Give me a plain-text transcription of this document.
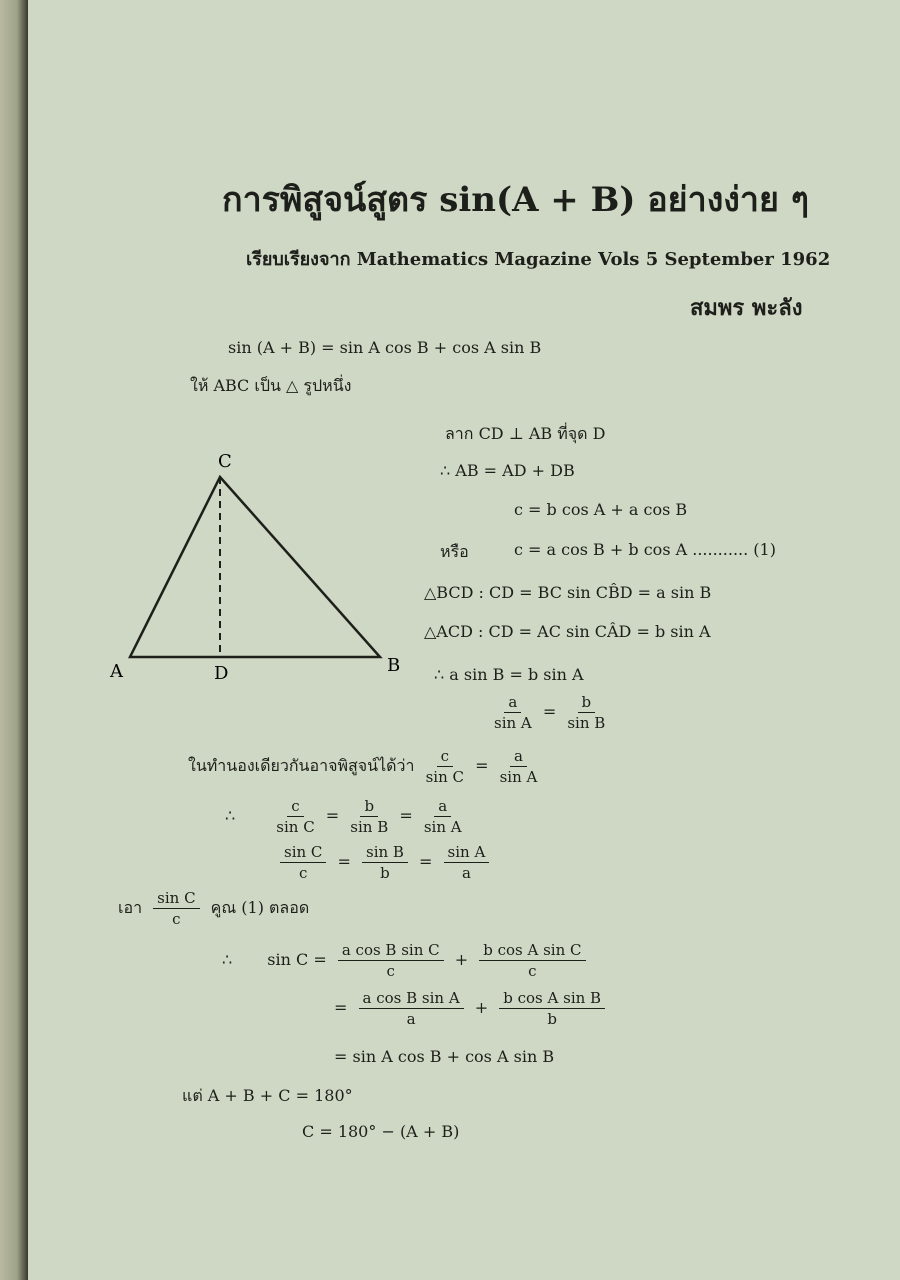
การพิสูจน์สูตร sin(A + B) อย่างง่าย ๆ
เรียบเรียงจาก Mathematics Magazine Vols 5 September 1962
สมพร พะลัง
sin (A + B) = sin A cos B + cos A sin B
ให้ ABC เป็น △ รูปหนึ่ง
ลาก CD ⊥ AB ที่จุด D
∴ AB = AD + DB
c = b cos A + a cos B
หรือ	c = a cos B + b cos A ........... (1)
△BCD : CD = BC sin CB̂D = a sin B
△ACD : CD = AC sin CÂD = b sin A
∴ a sin B = b sin A
$\frac{a}{\text{sin A}} = \frac{b}{\text{sin B}}$
ในทำนองเดียวกันอาจพิสูจน์ได้ว่า $\frac{c}{\text{sin C}} = \frac{a}{\text{sin A}}$
∴	$\frac{c}{\text{sin C}} = \frac{b}{\text{sin B}} = \frac{a}{\text{sin A}}$
$\frac{\text{sin C}}{c} = \frac{\text{sin B}}{b} = \frac{\text{sin A}}{a}$
เอา $\frac{\text{sin C}}{c}$ คูณ (1) ตลอด
∴ $\sin C = \frac{\text{a cos B sin C}}{c} + \frac{\text{b cos A sin C}}{c}$
= $\frac{\text{a cos B sin A}}{a} + \frac{\text{b cos A sin B}}{b}$
= sin A cos B + cos A sin B
แต่ A + B + C = 180°
C = 180° − (A + B)
C
A	B
D
